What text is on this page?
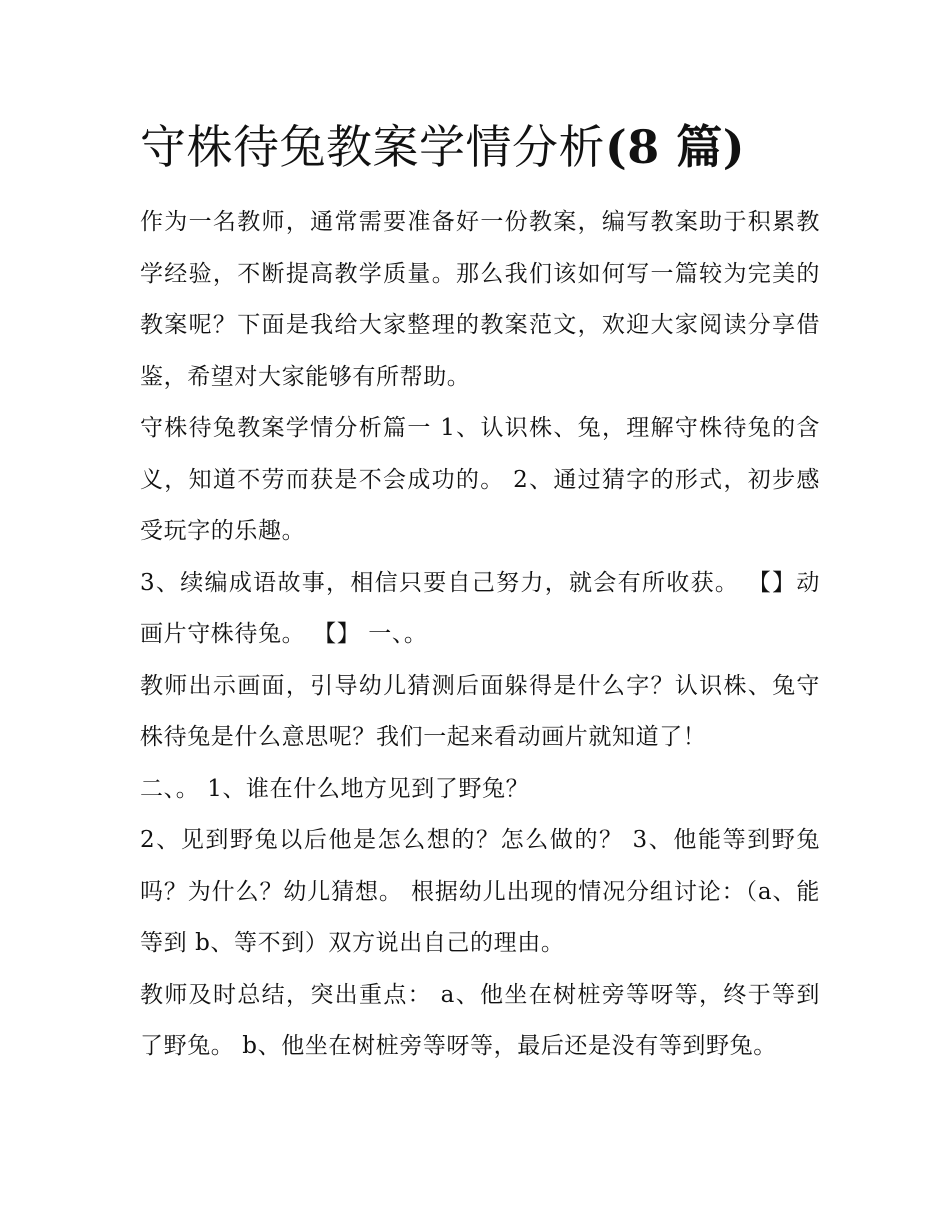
守株待兔教案学情分析(8 篇)

作为一名教师，通常需要准备好一份教案，编写教案助于积累教学经验，不断提高教学质量。那么我们该如何写一篇较为完美的教案呢？下面是我给大家整理的教案范文，欢迎大家阅读分享借鉴，希望对大家能够有所帮助。

守株待兔教案学情分析篇一 1、认识株、兔，理解守株待兔的含义，知道不劳而获是不会成功的。 2、通过猜字的形式，初步感受玩字的乐趣。

3、续编成语故事，相信只要自己努力，就会有所收获。 【】动画片守株待兔。 【】 一、。

教师出示画面，引导幼儿猜测后面躲得是什么字？认识株、兔守株待兔是什么意思呢？我们一起来看动画片就知道了！

二、。 1、谁在什么地方见到了野兔？

2、见到野兔以后他是怎么想的？怎么做的？ 3、他能等到野兔吗？为什么？幼儿猜想。 根据幼儿出现的情况分组讨论：（a、能等到 b、等不到）双方说出自己的理由。

教师及时总结，突出重点： a、他坐在树桩旁等呀等，终于等到了野兔。 b、他坐在树桩旁等呀等，最后还是没有等到野兔。
